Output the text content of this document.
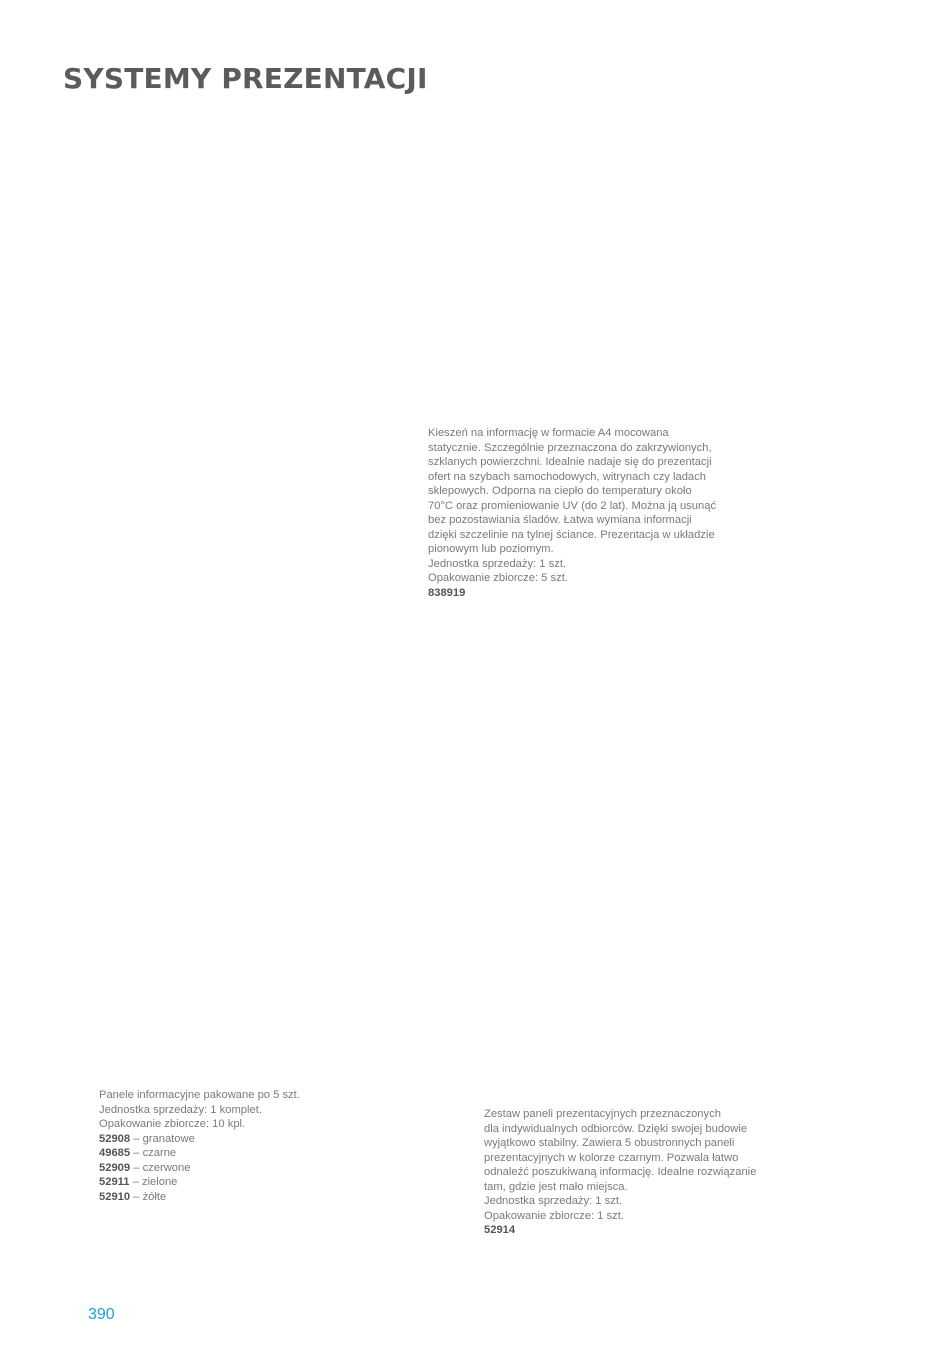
SYSTEMY PREZENTACJI

Kieszeń na informację w formacie A4 mocowana

statycznie. Szczególnie przeznaczona do zakrzywionych,

szklanych powierzchni. Idealnie nadaje się do prezentacji

ofert na szybach samochodowych, witrynach czy ladach

sklepowych. Odporna na ciepło do temperatury około

70°C oraz promieniowanie UV (do 2 lat). Można ją usunąć

bez pozostawiania śladów. Łatwa wymiana informacji

dzięki szczelinie na tylnej ściance. Prezentacja w układzie

pionowym lub poziomym.

Jednostka sprzedaży: 1 szt.

Opakowanie zbiorcze: 5 szt.

838919

Panele informacyjne pakowane po 5 szt.

Jednostka sprzedaży: 1 komplet.

Opakowanie zbiorcze: 10 kpl.

52908 – granatowe

49685 – czarne

52909 – czerwone

52911 – zielone

52910 – żółte

Zestaw paneli prezentacyjnych przeznaczonych

dla indywidualnych odbiorców. Dzięki swojej budowie

wyjątkowo stabilny. Zawiera 5 obustronnych paneli

prezentacyjnych w kolorze czarnym. Pozwala łatwo

odnaleźć poszukiwaną informację. Idealne rozwiązanie

tam, gdzie jest mało miejsca.

Jednostka sprzedaży: 1 szt.

Opakowanie zbiorcze: 1 szt.

52914

390
